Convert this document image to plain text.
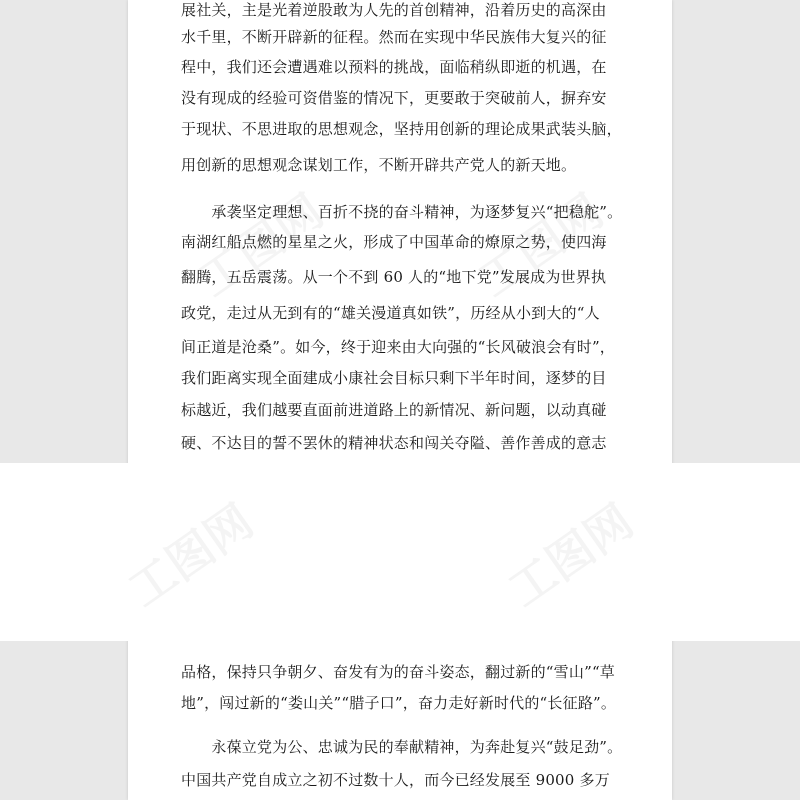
展社关，主是光着逆股敢为人先的首创精神，沿着历史的高深由
水千里，不断开辟新的征程。然而在实现中华民族伟大复兴的征
程中，我们还会遭遇难以预料的挑战，面临稍纵即逝的机遇，在
没有现成的经验可资借鉴的情况下，更要敢于突破前人，摒弃安
于现状、不思进取的思想观念，坚持用创新的理论成果武装头脑，
用创新的思想观念谋划工作，不断开辟共产党人的新天地。
　　承袭坚定理想、百折不挠的奋斗精神，为逐梦复兴“把稳舵”。
南湖红船点燃的星星之火，形成了中国革命的燎原之势，使四海
翻腾，五岳震荡。从一个不到 60 人的“地下党”发展成为世界执
政党，走过从无到有的“雄关漫道真如铁”，历经从小到大的“人
间正道是沧桑”。如今，终于迎来由大向强的“长风破浪会有时”，
我们距离实现全面建成小康社会目标只剩下半年时间，逐梦的目
标越近，我们越要直面前进道路上的新情况、新问题，以动真碰
硬、不达目的誓不罢休的精神状态和闯关夺隘、善作善成的意志
品格，保持只争朝夕、奋发有为的奋斗姿态，翻过新的“雪山”“草
地”，闯过新的“娄山关”“腊子口”，奋力走好新时代的“长征路”。
　　永葆立党为公、忠诚为民的奉献精神，为奔赴复兴“鼓足劲”。
中国共产党自成立之初不过数十人，而今已经发展至 9000 多万
